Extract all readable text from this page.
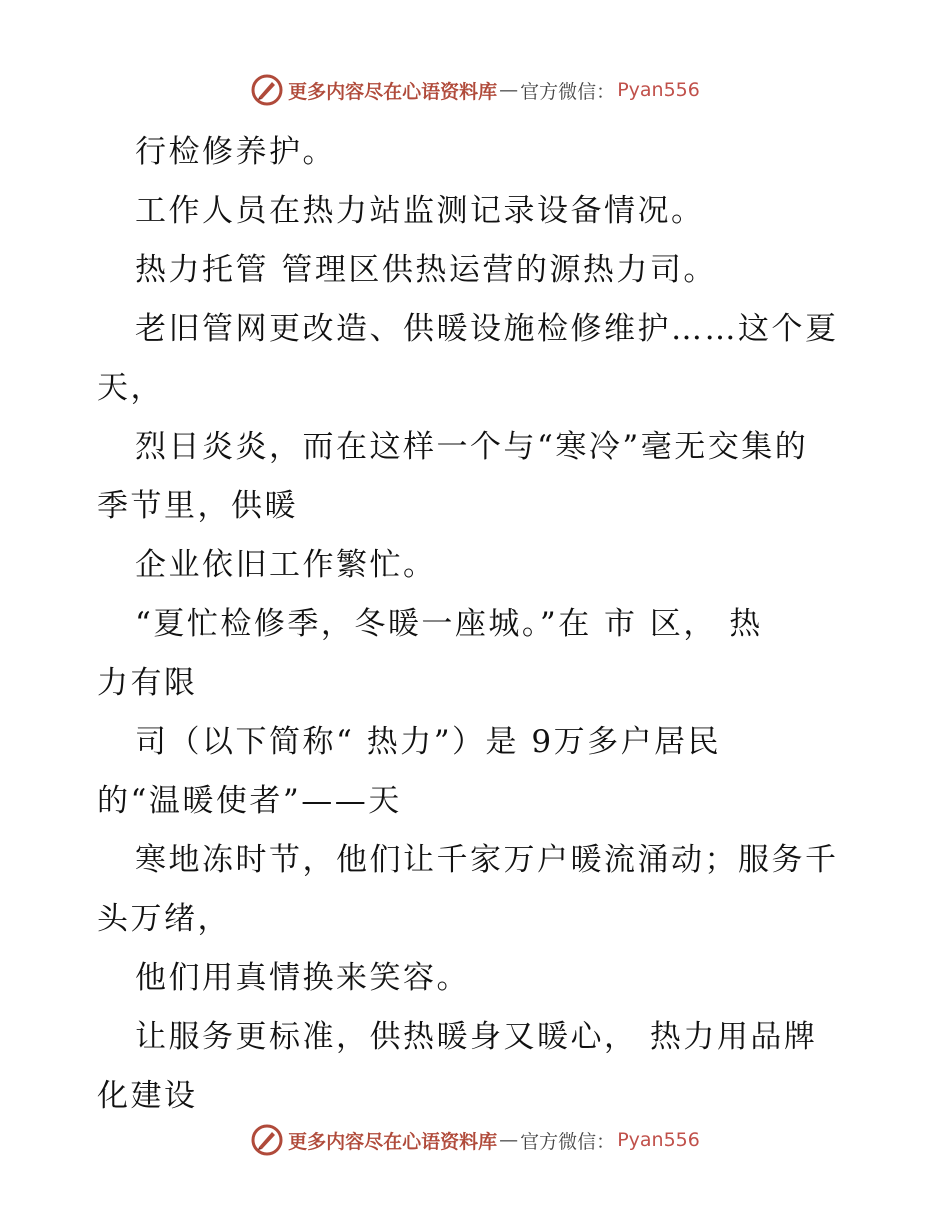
更多内容尽在心语资料库 — 官方微信： Pyan556
行检修养护。
工作人员在热力站监测记录设备情况。
热力托管 管理区供热运营的源热力司。
老旧管网更改造、供暖设施检修维护……这个夏
天，
烈日炎炎，而在这样一个与“寒冷”毫无交集的
季节里，供暖
企业依旧工作繁忙。
“夏忙检修季，冬暖一座城。”在 市 区， 热
力有限
司（以下简称“ 热力”）是 9万多户居民
的“温暖使者”——天
寒地冻时节，他们让千家万户暖流涌动；服务千
头万绪，
他们用真情换来笑容。
让服务更标准，供热暖身又暖心， 热力用品牌
化建设
更多内容尽在心语资料库 — 官方微信： Pyan556
